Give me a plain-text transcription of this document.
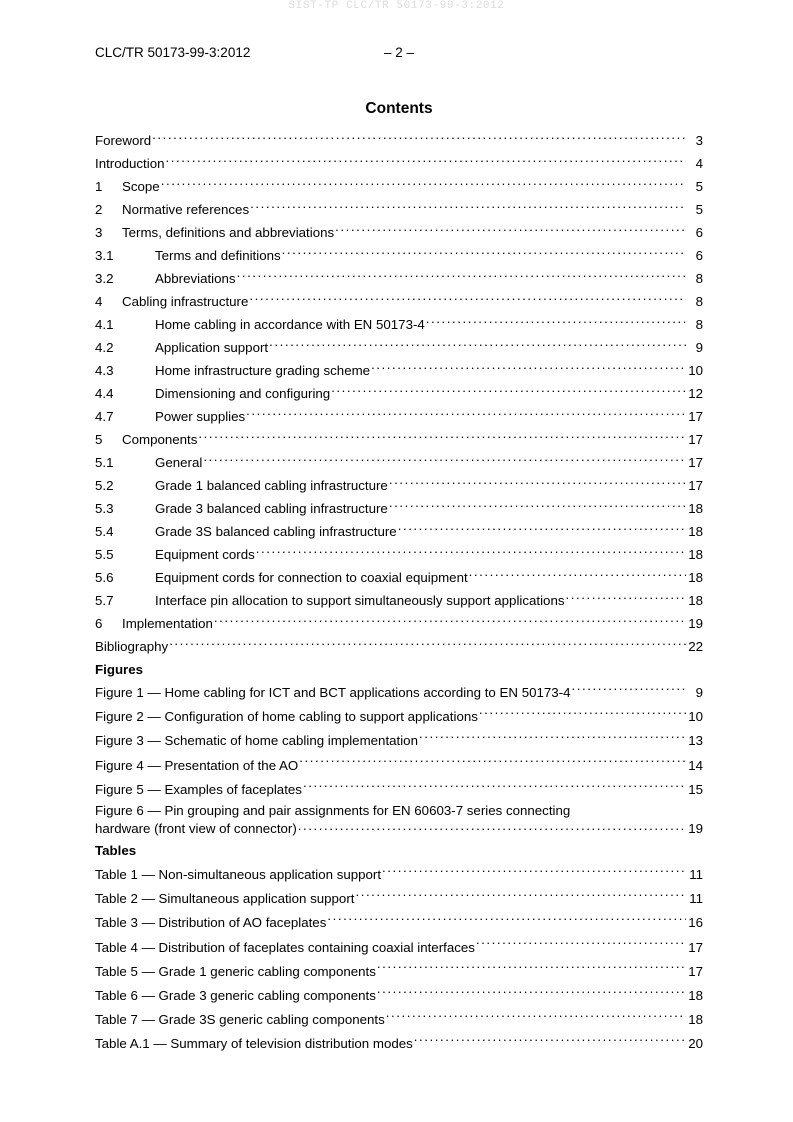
SIST-TP CLC/TR 50173-99-3:2012
CLC/TR 50173-99-3:2012	– 2 –
Contents
Foreword .....	3
Introduction .....	4
1	Scope .....	5
2	Normative references .....	5
3	Terms, definitions and abbreviations .....	6
3.1	Terms and definitions .....	6
3.2	Abbreviations .....	8
4	Cabling infrastructure .....	8
4.1	Home cabling in accordance with EN 50173-4 .....	8
4.2	Application support .....	9
4.3	Home infrastructure grading scheme .....	10
4.4	Dimensioning and configuring .....	12
4.7	Power supplies .....	17
5	Components .....	17
5.1	General .....	17
5.2	Grade 1 balanced cabling infrastructure .....	17
5.3	Grade 3 balanced cabling infrastructure .....	18
5.4	Grade 3S balanced cabling infrastructure .....	18
5.5	Equipment cords .....	18
5.6	Equipment cords for connection to coaxial equipment .....	18
5.7	Interface pin allocation to support simultaneously support applications .....	18
6	Implementation .....	19
Bibliography .....	22
Figures
Figure 1 — Home cabling for ICT and BCT applications according to EN 50173-4 .....	9
Figure 2 — Configuration of home cabling to support applications .....	10
Figure 3 — Schematic of home cabling implementation .....	13
Figure 4 — Presentation of the AO .....	14
Figure 5 — Examples of faceplates .....	15
Figure 6 — Pin grouping and pair assignments for EN 60603-7 series connecting
hardware (front view of connector) .....	19
Tables
Table 1 — Non-simultaneous application support .....	11
Table 2 — Simultaneous application support .....	11
Table 3 — Distribution of AO faceplates .....	16
Table 4 — Distribution of faceplates containing coaxial interfaces .....	17
Table 5 — Grade 1 generic cabling components .....	17
Table 6 — Grade 3 generic cabling components .....	18
Table 7 — Grade 3S generic cabling components .....	18
Table A.1 — Summary of television distribution modes .....	20
